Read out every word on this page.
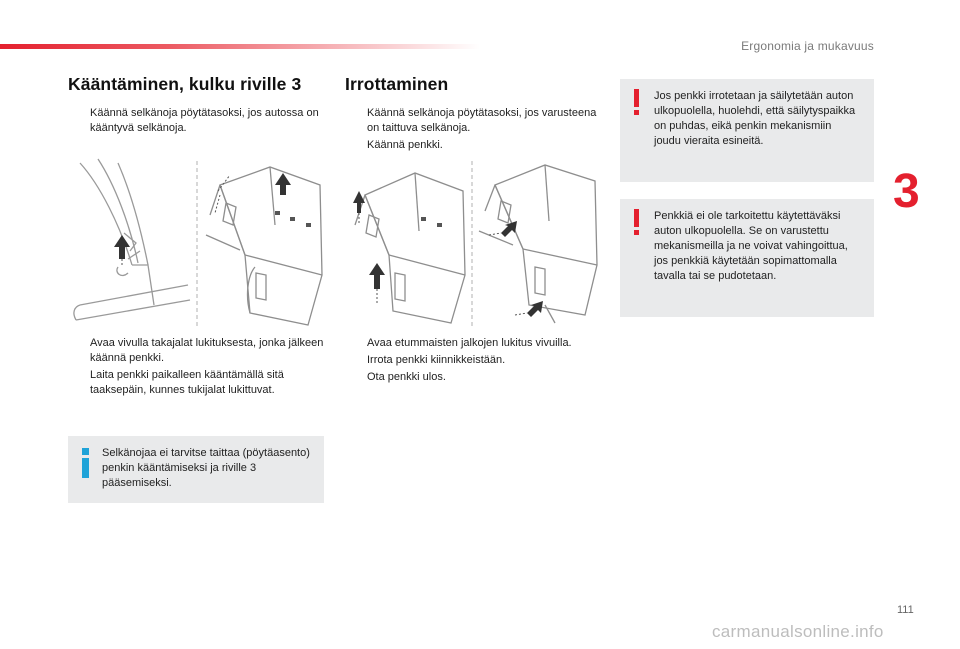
Ergonomia ja mukavuus
3
Kääntäminen, kulku riville 3
Käännä selkänoja pöytätasoksi, jos autossa on kääntyvä selkänoja.
Avaa vivulla takajalat lukituksesta, jonka jälkeen käännä penkki.
Laita penkki paikalleen kääntämällä sitä taaksepäin, kunnes tukijalat lukittuvat.
Selkänojaa ei tarvitse taittaa (pöytäasento) penkin kääntämiseksi ja riville 3 pääsemiseksi.
Irrottaminen
Käännä selkänoja pöytätasoksi, jos varusteena on taittuva selkänoja.
Käännä penkki.
Avaa etummaisten jalkojen lukitus vivuilla.
Irrota penkki kiinnikkeistään.
Ota penkki ulos.
Jos penkki irrotetaan ja säilytetään auton ulkopuolella, huolehdi, että säilytyspaikka on puhdas, eikä penkin mekanismiin joudu vieraita esineitä.
Penkkiä ei ole tarkoitettu käytettäväksi auton ulkopuolella. Se on varustettu mekanismeilla ja ne voivat vahingoittua, jos penkkiä käytetään sopimattomalla tavalla tai se pudotetaan.
111
carmanualsonline.info
